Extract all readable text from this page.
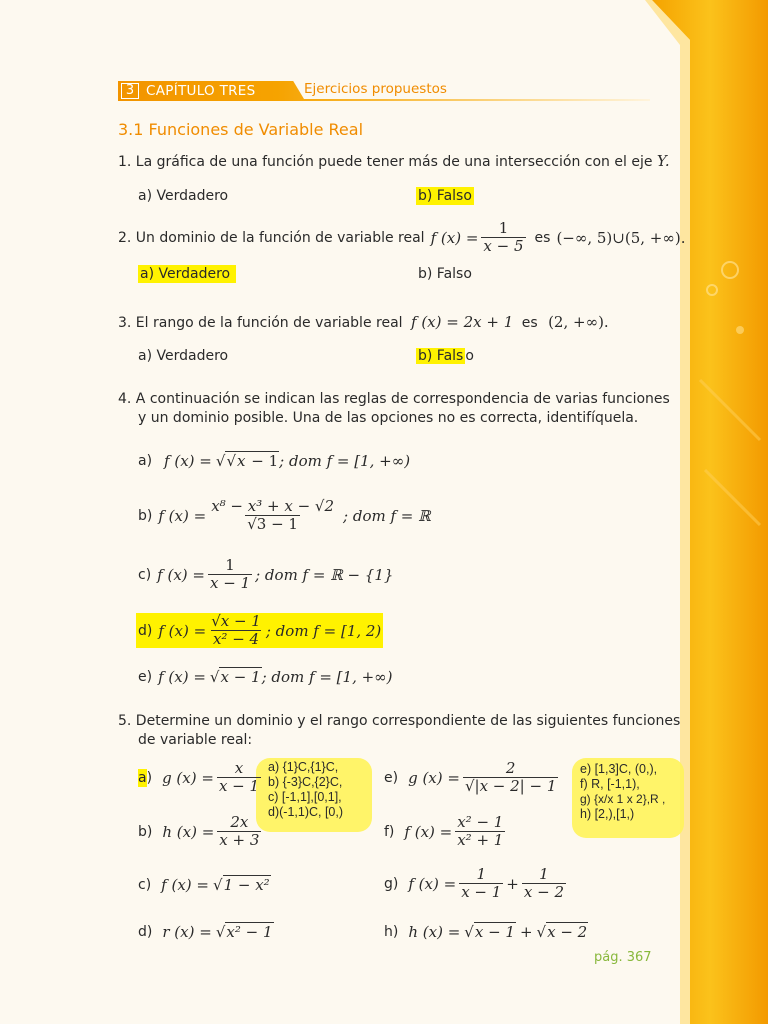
3 CAPÍTULO TRES	Ejercicios propuestos
3.1 Funciones de Variable Real
1. La gráfica de una función puede tener más de una intersección con el eje Y.
a) Verdadero	b) Falso
2. Un dominio de la función de variable real f $(x) = \frac{1}{x - 5}$ es (−∞, 5)∪(5, +∞).
a) Verdadero	b) Falso
3. El rango de la función de variable real f (x) = 2x + 1 es (2, +∞).
a) Verdadero	b) Fals o
4. A continuación se indican las reglas de correspondencia de varias funciones
y un dominio posible. Una de las opciones no es correcta, identifíquela.
a) f (x) = √√x − 1 ; dom f = [1, +∞)
b) f $(x) = \frac{\text{x⁸ − x³ + x − √2}}{√3 - 1}$ ; dom f = ℝ
c) f $(x) = \frac{1}{x - 1}$ ; dom f = ℝ − {1}
d) f $(x) = \frac{√x - 1}{\text{x² − 4}}$ ; dom f = [1, 2)
e) f (x) = √x − 1 ; dom f = [1, +∞)
5. Determine un dominio y el rango correspondiente de las siguientes funciones
de variable real:
a ) g $(x) = \frac{x}{x - 1}$
b) h $(x) = \frac{2x}{x + 3}$
c) f (x) = √1 − x²
d) r (x) = √x² − 1
a) {1}C,{1}C,
b) {-3}C,{2}C,
c) [-1,1],[0,1],
d)(-1,1)C, [0,)
e) g $(x) = \frac{2}{√|x - 2| - 1}$
f) f $(x) = \frac{\text{x² − 1}}{\text{x² + 1}}$
g) f $(x) = \frac{1}{x - 1} + \frac{1}{x - 2}$
h) h (x) = √x − 1 + √x − 2
e) [1,3]C, (0,),
f) R, [-1,1),
g) {x/x 1 x 2},R ,
h) [2,),[1,)
pág. 367
